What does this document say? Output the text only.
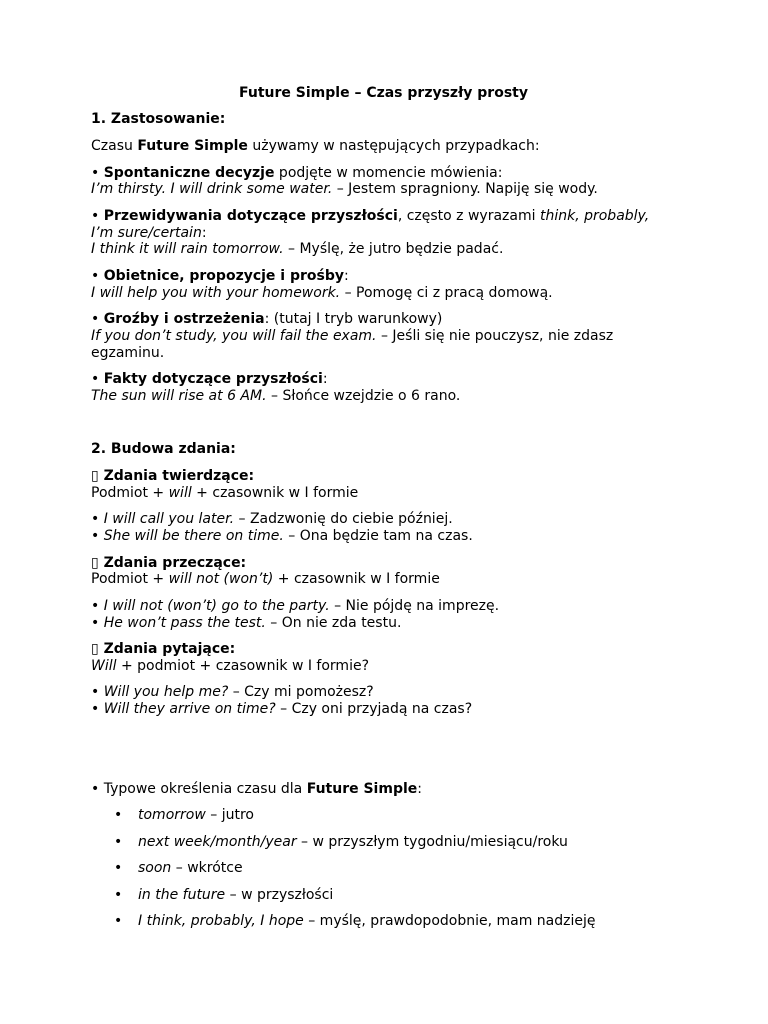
Future Simple – Czas przyszły prosty
1. Zastosowanie:
Czasu Future Simple używamy w następujących przypadkach:
• Spontaniczne decyzje podjęte w momencie mówienia:
I’m thirsty. I will drink some water. – Jestem spragniony. Napiję się wody.
• Przewidywania dotyczące przyszłości, często z wyrazami think, probably,
I’m sure/certain:
I think it will rain tomorrow. – Myślę, że jutro będzie padać.
• Obietnice, propozycje i prośby:
I will help you with your homework. – Pomogę ci z pracą domową.
• Groźby i ostrzeżenia: (tutaj I tryb warunkowy)
If you don’t study, you will fail the exam. – Jeśli się nie pouczysz, nie zdasz
egzaminu.
• Fakty dotyczące przyszłości:
The sun will rise at 6 AM. – Słońce wzejdzie o 6 rano.
2. Budowa zdania:
▯ Zdania twierdzące:
Podmiot + will + czasownik w I formie
• I will call you later. – Zadzwonię do ciebie później.
• She will be there on time. – Ona będzie tam na czas.
▯ Zdania przeczące:
Podmiot + will not (won’t) + czasownik w I formie
• I will not (won’t) go to the party. – Nie pójdę na imprezę.
• He won’t pass the test. – On nie zda testu.
▯ Zdania pytające:
Will + podmiot + czasownik w I formie?
• Will you help me? – Czy mi pomożesz?
• Will they arrive on time? – Czy oni przyjadą na czas?
• Typowe określenia czasu dla Future Simple:
• tomorrow – jutro
• next week/month/year – w przyszłym tygodniu/miesiącu/roku
• soon – wkrótce
• in the future – w przyszłości
• I think, probably, I hope – myślę, prawdopodobnie, mam nadzieję
